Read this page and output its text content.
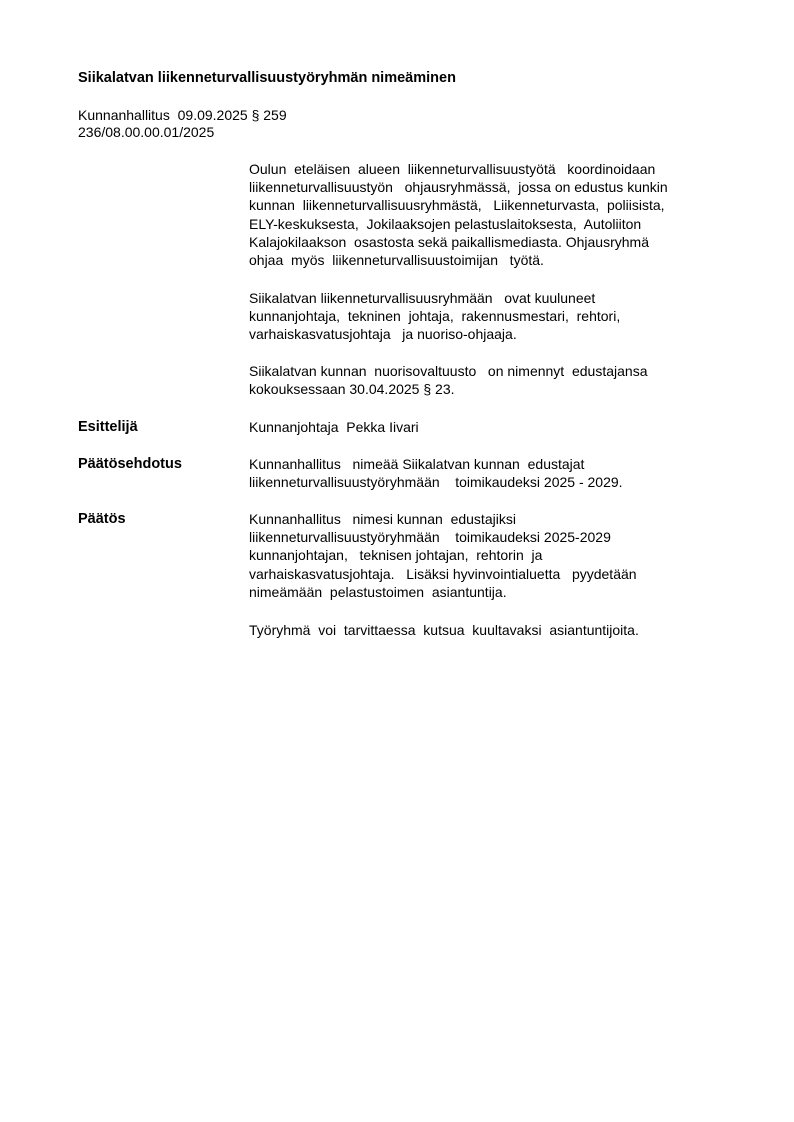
Siikalatvan liikenneturvallisuustyöryhmän nimeäminen
Kunnanhallitus  09.09.2025 § 259
236/08.00.00.01/2025
Oulun  eteläisen  alueen  liikenneturvallisuustyötä   koordinoidaan
liikenneturvallisuustyön   ohjausryhmässä,  jossa on edustus kunkin
kunnan  liikenneturvallisuusryhmästä,   Liikenneturvasta,  poliisista,
ELY-keskuksesta,  Jokilaaksojen pelastuslaitoksesta,  Autoliiton
Kalajokilaakson  osastosta sekä paikallismediasta. Ohjausryhmä
ohjaa  myös  liikenneturvallisuustoimijan   työtä.
Siikalatvan liikenneturvallisuusryhmään   ovat kuuluneet
kunnanjohtaja,  tekninen  johtaja,  rakennusmestari,  rehtori,
varhaiskasvatusjohtaja   ja nuoriso-ohjaaja.
Siikalatvan kunnan  nuorisovaltuusto   on nimennyt  edustajansa
kokouksessaan 30.04.2025 § 23.
Esittelijä	Kunnanjohtaja  Pekka Iivari
Päätösehdotus	Kunnanhallitus   nimeää Siikalatvan kunnan  edustajat
liikenneturvallisuustyöryhmään    toimikaudeksi 2025 - 2029.
Päätös	Kunnanhallitus   nimesi kunnan  edustajiksi
liikenneturvallisuustyöryhmään    toimikaudeksi 2025-2029
kunnanjohtajan,   teknisen johtajan,  rehtorin  ja
varhaiskasvatusjohtaja.   Lisäksi hyvinvointialuetta   pyydetään
nimeämään  pelastustoimen  asiantuntija.
Työryhmä  voi  tarvittaessa  kutsua  kuultavaksi  asiantuntijoita.
